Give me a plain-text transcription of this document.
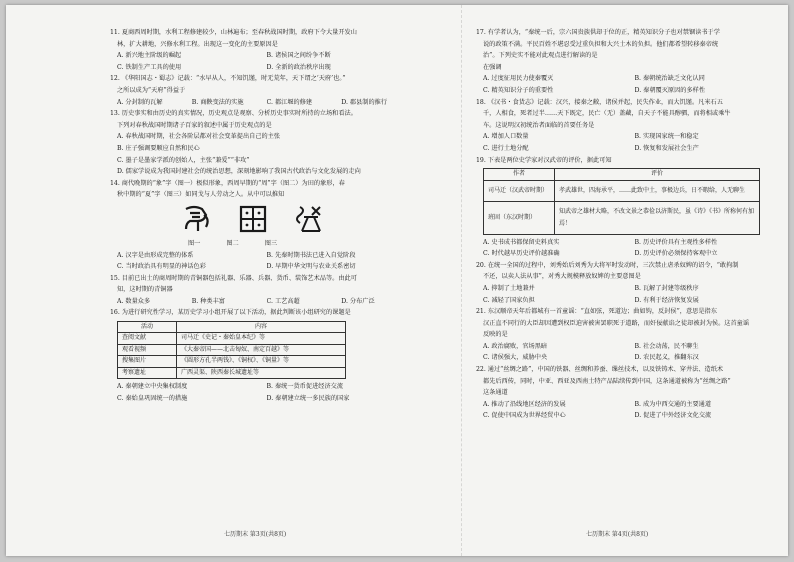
11. 夏商西周时期，水利工程修建较少，山林遍布；至春秋战国时期，政府下令大量开发山

林，扩大耕地，兴修水利工程。出现这一变化的主要原因是

A. 新兴地主阶级的崛起	B. 诸侯国之间纷争不断
C. 铁制生产工具的使用	D. 全新的政治秩序出现

12. 《华阳国志・蜀志》记载：“水早从人，不知饥馑，时无荒年，天下谓之‘天府’也。”

之所以成为“天府”得益于

A. 分封制的瓦解	B. 商鞅变法的实施	C. 都江堰的修建	D. 郡县制的推行

13. 历史事实和由历史的真实情况，历史观点是观察、分析历史事实时所持的立场和看法。

下列对春秋战国时期诸子百家的叙述中属于历史观点的是

A. 春秋战国时期，社会各阶层都对社会变革提出自己的主张
B. 庄子强调要顺应自然和民心
C. 墨子是墨家学派的创始人，主张“兼爱”“非攻”
D. 儒家学说成为我国封建社会的统治思想，深刻地影响了我国古代政治与文化发展的走向

14. 商代晚期的“象”字（图一）极似形象，西周早期的“周”字（图二）为田的象形，春

秋中期的“夏”字（图三）如同戈与人劳动之人。从中可以推知

图一	图二	图三
A. 汉字是由形成完整的体系	B. 先秦时期书法已进入自觉阶段
C. 当时政治具有明显的神话色彩	D. 早期中华文明与农业关系密切

15. 目前已出土的商周时期的青铜器包括礼器、乐器、兵器、货币、装饰艺术品等。由此可

知，这时期的青铜器

A. 数量众多	B. 种类丰富	C. 工艺高超	D. 分布广泛

16. 为进行研究性学习，某历史学习小组开展了以下活动，据此判断该小组研究的课题是

活动	内容
查阅文献	司马迁《史记・秦始皇本纪》等
观看视频	《大秦帝国——北击匈奴、南定百越》等
搜集图片	《圆形方孔半两钱》、《铜权》、《铜量》等
考察遗址	广西灵渠、陕西秦长城遗址等
A. 秦朝建立中央集权制度	B. 秦统一货币促进经济交流
C. 秦始皇巩固统一的措施	D. 秦朝建立统一多民族的国家
七历期末 第3页(共8页)

17. 有学者认为，“秦统一后，宗六国贵族供却于位的正，精英知识分子也对禁锢读书于学

说的政策不满。平民百姓不堪忍受过重负担和大兴土木的负担。他们都希望转移秦帝统

治”。下列史实不能对此观点进行解读的是

在强调

A. 过度征用民力使秦覆灭	B. 秦朝统治缺乏文化认同
C. 精英知识分子的重要性	D. 秦朝覆灭原因的多样性

18. 《汉书・食货志》记载：汉兴，接秦之敝，诸侯并起，民失作业，而大饥馑。凡米石五

千，人相食，死者过半……天下既定，民亡（无）盖藏，自天子不能具醇驷，而将相或乘牛

车。这说明汉初统治者面临的首要任务是

A. 增加人口数量	B. 实现国家统一和稳定
C. 进行土地分配	D. 恢复和发展社会生产

19. 下表是两位史学家对汉武帝的评价，据此可知

作者	评价
司马迁（汉武帝时期）	孝武雄世，四海承平，……此致中土，事极边兵，日不暇给，人无聊生
班固（东汉时期）	知武帝之雄材大略，不改文景之恭俭以济斯民，虽《诗》《书》所称何有加焉！
A. 史书成书都保留史料真实	B. 历史评价具有主观性多样性
C. 时代越早历史评价越准确	D. 历史评价必须保持客观中立

20. 在统一全国的过程中，刘秀始后刘秀为大将军时发动时，三次禁止虐杀奴婢的诏令，“敢拘制

不还，以卖人法从事”，对秀大规模释放奴婢的主要意图是

A. 抑制了土地兼并	B. 瓦解了封建等级秩序
C. 减轻了国家负担	D. 有利于经济恢复发展

21. 东汉顺帝天年后都城有一首童谣：“直如弦，死道边；曲如钩，反封侯”，意思是指东

汉正直不同行的大臣却因遭到权臣迫害被害罢职死于道路，而奸佞献谄之徒却被封为侯。这首童谣

反映的是

A. 政治腐败，官场黑暗	B. 社会动荡，民不聊生
C. 诸侯强大，威胁中央	D. 农民起义，推翻东汉

22. 通过“丝绸之路”，中国的铁器、丝绸和养蚕、缫丝技术，以及铁铸术、穿井法、造纸术

都先后西传，同时，中亚、西亚及西南土特产品陆续传到中国，这条通道被称为“丝绸之路”

这条通道

A. 推动了沿线地区经济的发展	B. 成为中西交通的主要通道
C. 促使中国成为世界经贸中心	D. 促进了中外经济文化交流
七历期末 第4页(共8页)
